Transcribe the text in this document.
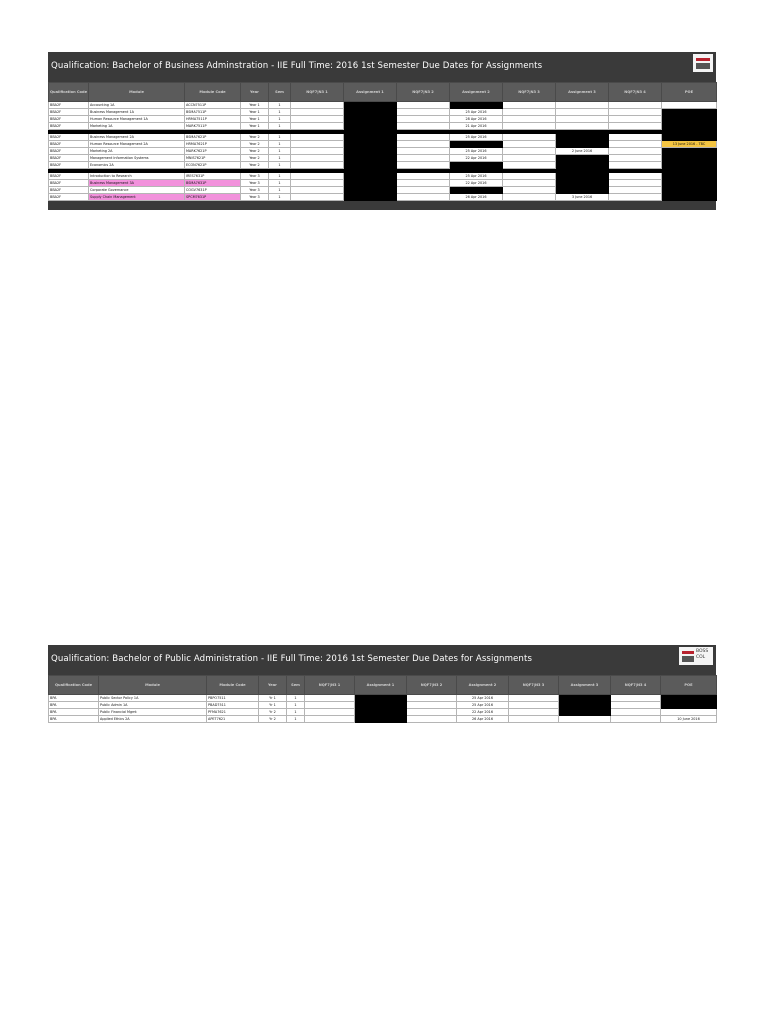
Qualification: Bachelor of Business Adminstration - IIE Full Time: 2016 1st Semester Due Dates for Assignments
Qualification Code	Module	Module Code	Year	Sem	NQF7|N3 1	Assignment 1	NQF7|N3 2	Assignment 2	NQF7|N3 3	Assignment 3	NQF7|N3 4	POE
BBA2F	Accounting 1A	ACCN7511P	Year 1	1								
BBA2F	Business Management 1A	BSMA7511P	Year 1	1				25 Apr 2016				
BBA2F	Human Resource Management 1A	HRMA7511P	Year 1	1				28 Apr 2016				
BBA2F	Marketing 1A	MARK7511P	Year 1	1				21 Apr 2016				

BBA2F	Business Management 2A	BSMA7621P	Year 2	1				25 Apr 2016				
BBA2F	Human Resource Management 2A	HRMA7621P	Year 2	1								13 June 2016 - TBC
BBA2F	Marketing 2A	MARK7621P	Year 2	1				25 Apr 2016		2 June 2016		
BBA2F	Management Information Systems	MNIS7621P	Year 2	1				22 Apr 2016				
BBA2F	Economics 2A	ECON7621P	Year 2	1								

BBA2F	Introduction to Research	IRES7631P	Year 3	1				25 Apr 2016				
BBA2F	Business Management 3A	BSMA7631P	Year 3	1				22 Apr 2016				
BBA2F	Corporate Governance	COGV7631P	Year 3	1								
BBA2F	Supply Chain Management	SPCM7631P	Year 3	1				26 Apr 2016		3 June 2016		
Qualification: Bachelor of Public Administration - IIE Full Time: 2016 1st Semester Due Dates for Assignments
BOSS COL
Qualification Code	Module	Module Code	Year	Sem	NQF7|N3 1	Assignment 1	NQF7|N3 2	Assignment 2	NQF7|N3 3	Assignment 3	NQF7|N3 4	POE
BPA	Public Sector Policy 1A	PBPO7511	Yr 1	1				25 Apr 2016				
BPA	Public Admin 1A	PBAD7511	Yr 1	1				25 Apr 2016				
BPA	Public Financial Mgmt	PFMA7621	Yr 2	1				22 Apr 2016				
BPA	Applied Ethics 2A	APET7621	Yr 2	1				26 Apr 2016				10 June 2016
